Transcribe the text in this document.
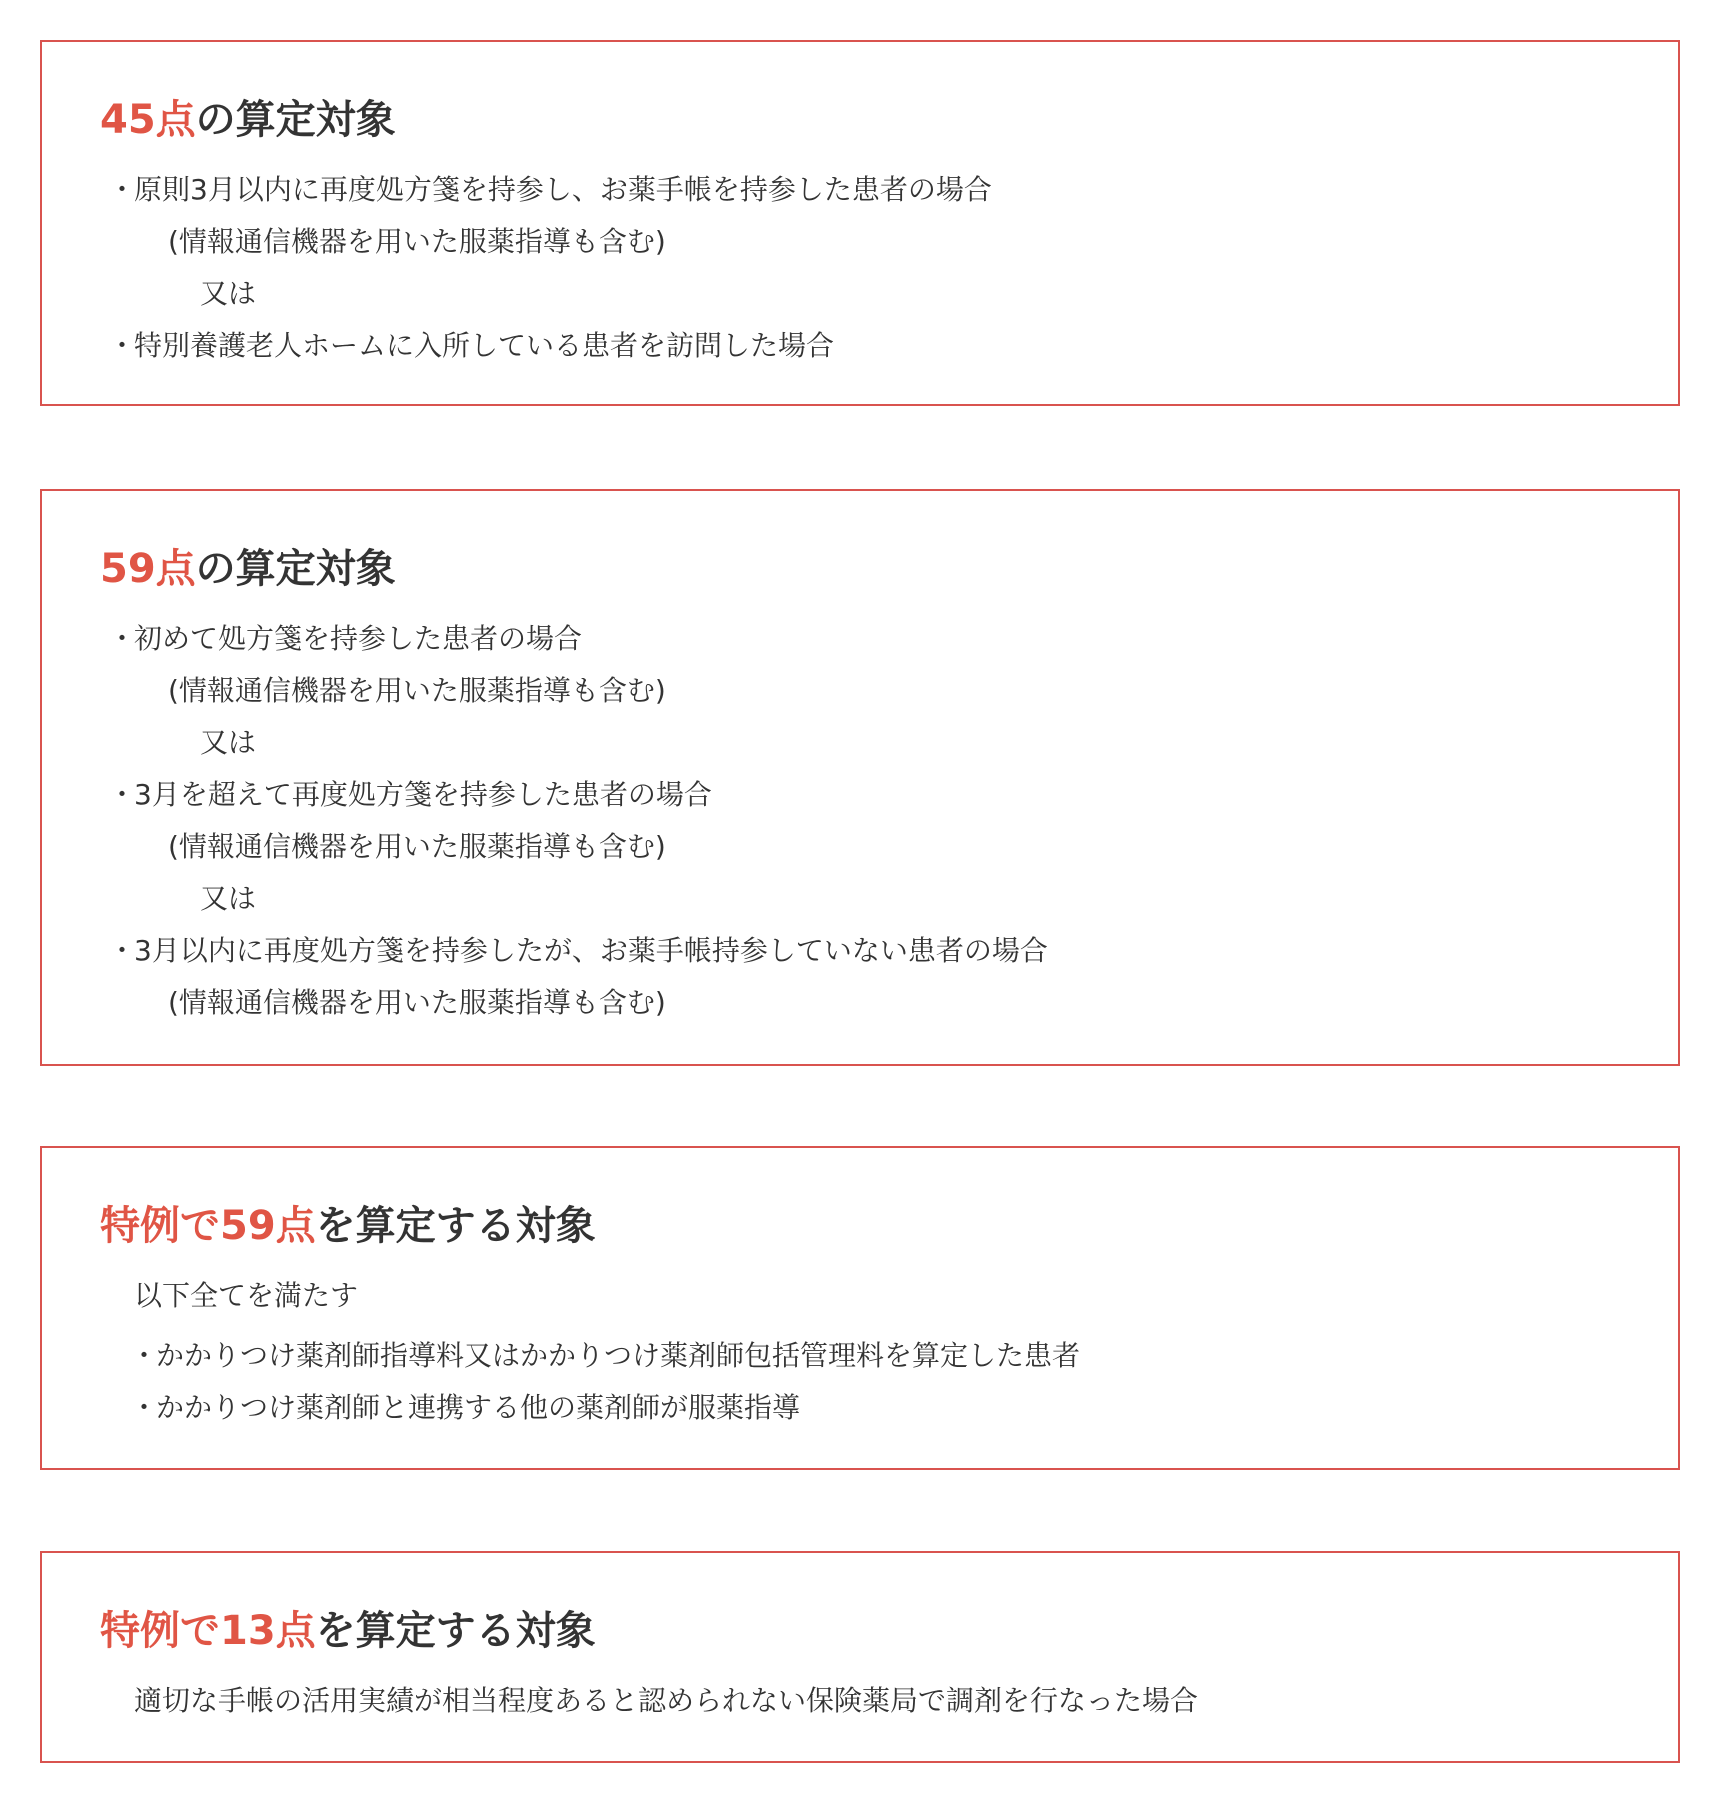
45点の算定対象

・原則3月以内に再度処方箋を持参し、お薬手帳を持参した患者の場合

(情報通信機器を用いた服薬指導も含む)

又は

・特別養護老人ホームに入所している患者を訪問した場合

59点の算定対象

・初めて処方箋を持参した患者の場合

(情報通信機器を用いた服薬指導も含む)

又は

・3月を超えて再度処方箋を持参した患者の場合

(情報通信機器を用いた服薬指導も含む)

又は

・3月以内に再度処方箋を持参したが、お薬手帳持参していない患者の場合

(情報通信機器を用いた服薬指導も含む)

特例で59点を算定する対象

以下全てを満たす

・かかりつけ薬剤師指導料又はかかりつけ薬剤師包括管理料を算定した患者

・かかりつけ薬剤師と連携する他の薬剤師が服薬指導

特例で13点を算定する対象

適切な手帳の活用実績が相当程度あると認められない保険薬局で調剤を行なった場合
